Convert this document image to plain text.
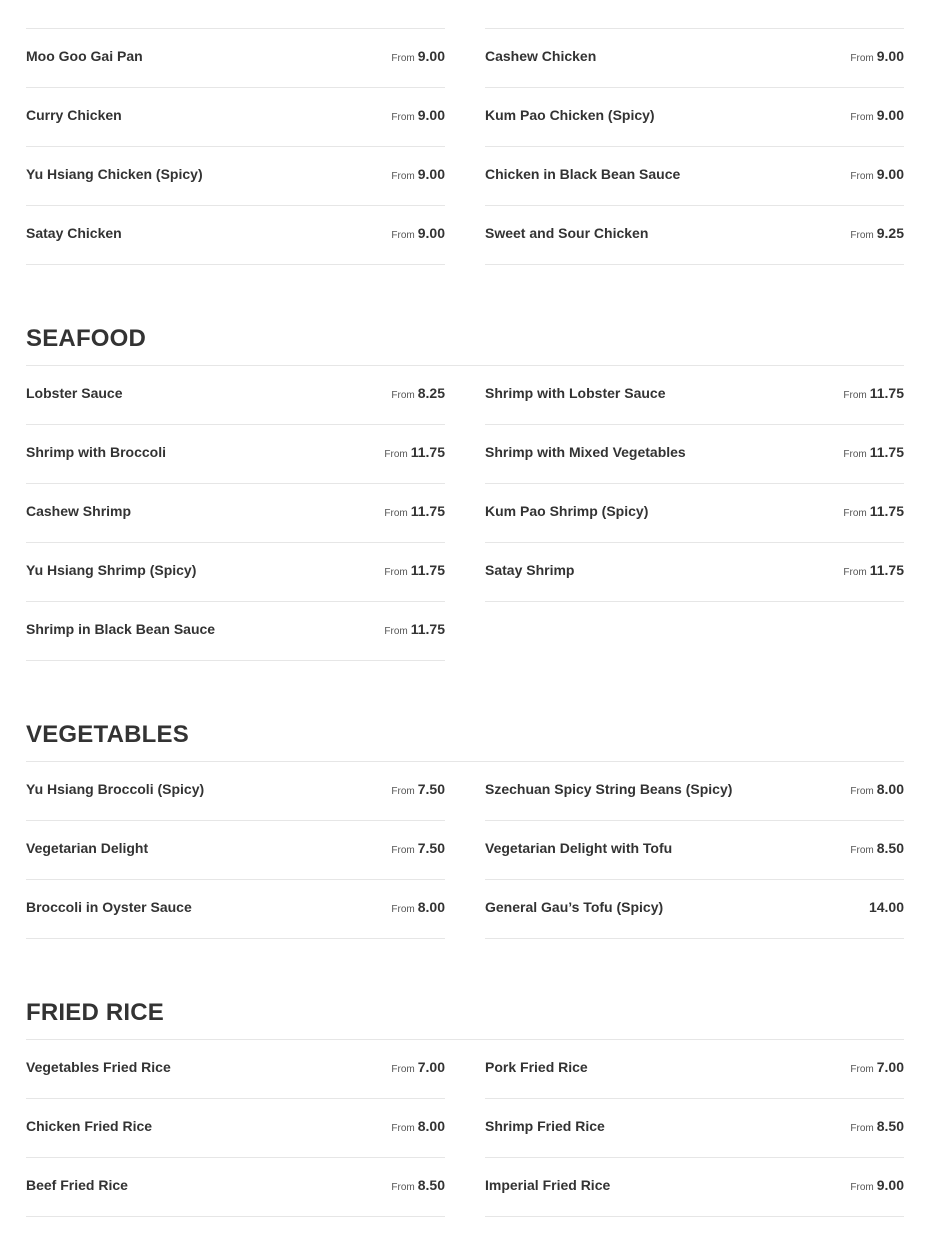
Moo Goo Gai Pan	From 9.00	Cashew Chicken	From 9.00
Curry Chicken	From 9.00	Kum Pao Chicken (Spicy)	From 9.00
Yu Hsiang Chicken (Spicy)	From 9.00	Chicken in Black Bean Sauce	From 9.00
Satay Chicken	From 9.00	Sweet and Sour Chicken	From 9.25
SEAFOOD
Lobster Sauce	From 8.25	Shrimp with Lobster Sauce	From 11.75
Shrimp with Broccoli	From 11.75	Shrimp with Mixed Vegetables	From 11.75
Cashew Shrimp	From 11.75	Kum Pao Shrimp (Spicy)	From 11.75
Yu Hsiang Shrimp (Spicy)	From 11.75	Satay Shrimp	From 11.75
Shrimp in Black Bean Sauce	From 11.75
VEGETABLES
Yu Hsiang Broccoli (Spicy)	From 7.50	Szechuan Spicy String Beans (Spicy)	From 8.00
Vegetarian Delight	From 7.50	Vegetarian Delight with Tofu	From 8.50
Broccoli in Oyster Sauce	From 8.00	General Gau’s Tofu (Spicy)	14.00
FRIED RICE
Vegetables Fried Rice	From 7.00	Pork Fried Rice	From 7.00
Chicken Fried Rice	From 8.00	Shrimp Fried Rice	From 8.50
Beef Fried Rice	From 8.50	Imperial Fried Rice	From 9.00
